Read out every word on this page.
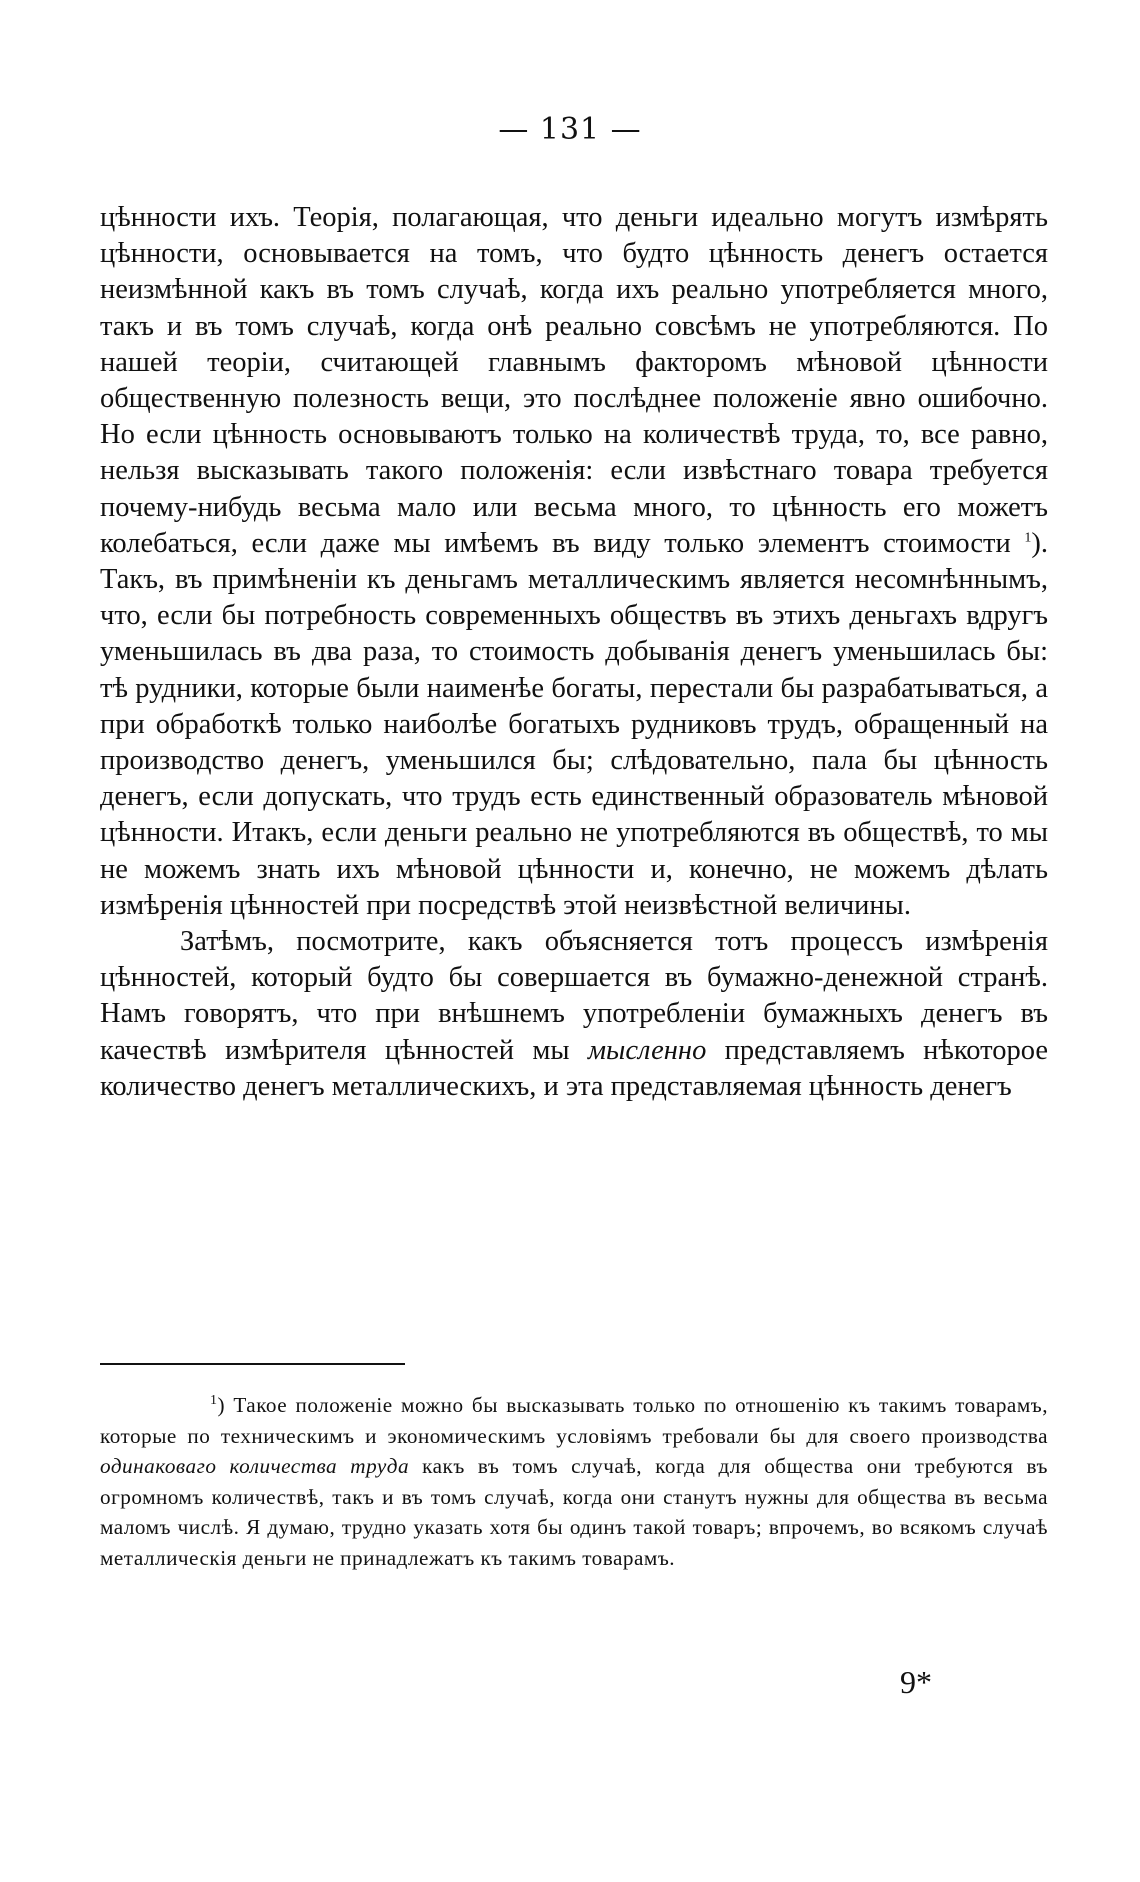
— 131 —

цѣнности ихъ. Теорія, полагающая, что деньги идеально могутъ измѣрять цѣнности, основывается на томъ, что будто цѣнность денегъ остается неизмѣнной какъ въ томъ случаѣ, когда ихъ реально употребляется много, такъ и въ томъ случаѣ, когда онѣ реально совсѣмъ не употребляются. По нашей теоріи, считающей главнымъ факторомъ мѣновой цѣнности общественную полезность вещи, это послѣднее положеніе явно ошибочно. Но если цѣнность основываютъ только на количествѣ труда, то, все равно, нельзя высказывать такого положенія: если извѣстнаго товара требуется почему-нибудь весьма мало или весьма много, то цѣнность его можетъ колебаться, если даже мы имѣемъ въ виду только элементъ стоимости $^1$). Такъ, въ примѣненіи къ деньгамъ металлическимъ является несомнѣннымъ, что, если бы потребность современныхъ обществъ въ этихъ деньгахъ вдругъ уменьшилась въ два раза, то стоимость добыванія денегъ уменьшилась бы: тѣ рудники, которые были наименѣе богаты, перестали бы разрабатываться, а при обработкѣ только наиболѣе богатыхъ рудниковъ трудъ, обращенный на производство денегъ, уменьшился бы; слѣдовательно, пала бы цѣнность денегъ, если допускать, что трудъ есть единственный образователь мѣновой цѣнности. Итакъ, если деньги реально не употребляются въ обществѣ, то мы не можемъ знать ихъ мѣновой цѣнности и, конечно, не можемъ дѣлать измѣренія цѣнностей при посредствѣ этой неизвѣстной величины.

Затѣмъ, посмотрите, какъ объясняется тотъ процессъ измѣренія цѣнностей, который будто бы совершается въ бумажно-денежной странѣ. Намъ говорятъ, что при внѣшнемъ употребленіи бумажныхъ денегъ въ качествѣ измѣрителя цѣнностей мы мысленно представляемъ нѣкоторое количество денегъ металлическихъ, и эта представляемая цѣнность денегъ

$^1$) Такое положеніе можно бы высказывать только по отношенію къ такимъ товарамъ, которые по техническимъ и экономическимъ условіямъ требовали бы для своего производства одинаковаго количества труда какъ въ томъ случаѣ, когда для общества они требуются въ огромномъ количествѣ, такъ и въ томъ случаѣ, когда они станутъ нужны для общества въ весьма маломъ числѣ. Я думаю, трудно указать хотя бы одинъ такой товаръ; впрочемъ, во всякомъ случаѣ металлическія деньги не принадлежатъ къ такимъ товарамъ.

9*
